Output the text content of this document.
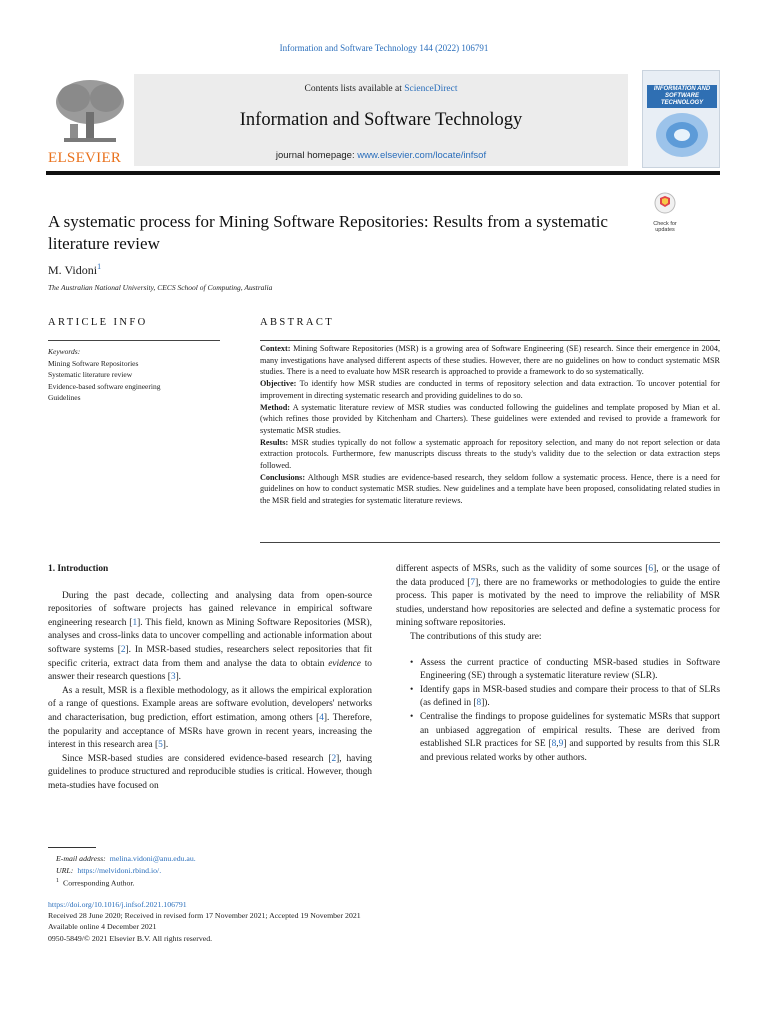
Information and Software Technology 144 (2022) 106791
ELSEVIER
Contents lists available at ScienceDirect
Information and Software Technology
journal homepage: www.elsevier.com/locate/infsof
INFORMATION AND SOFTWARE TECHNOLOGY
Check for updates
A systematic process for Mining Software Repositories: Results from a systematic literature review
M. Vidoni$^1$
The Australian National University, CECS School of Computing, Australia
ARTICLE INFO	ABSTRACT
Keywords:
Mining Software Repositories
Systematic literature review
Evidence-based software engineering
Guidelines

Context: Mining Software Repositories (MSR) is a growing area of Software Engineering (SE) research. Since their emergence in 2004, many investigations have analysed different aspects of these studies. However, there are no guidelines on how to conduct systematic MSR studies. There is a need to evaluate how MSR research is approached to provide a framework to do so systematically.

Objective: To identify how MSR studies are conducted in terms of repository selection and data extraction. To uncover potential for improvement in directing systematic research and providing guidelines to do so.

Method: A systematic literature review of MSR studies was conducted following the guidelines and template proposed by Mian et al. (which refines those provided by Kitchenham and Charters). These guidelines were extended and revised to provide a framework for systematic MSR studies.

Results: MSR studies typically do not follow a systematic approach for repository selection, and many do not report selection or data extraction protocols. Furthermore, few manuscripts discuss threats to the study's validity due to the selection or data extraction steps followed.

Conclusions: Although MSR studies are evidence-based research, they seldom follow a systematic process. Hence, there is a need for guidelines on how to conduct systematic MSR studies. New guidelines and a template have been proposed, consolidating related studies in the MSR field and strategies for systematic literature reviews.

1. Introduction

During the past decade, collecting and analysing data from open-source repositories of software projects has gained relevance in empirical software engineering research [1]. This field, known as Mining Software Repositories (MSR), analyses and cross-links data to uncover compelling and actionable information about software systems [2]. In MSR-based studies, researchers select repositories that fit specific criteria, extract data from them and analyse the data to obtain evidence to answer their research questions [3].

As a result, MSR is a flexible methodology, as it allows the empirical exploration of a range of questions. Example areas are software evolution, developers' networks and characterisation, bug prediction, effort estimation, among others [4]. Therefore, the popularity and acceptance of MSRs have grown in recent years, increasing the interest in this research area [5].

Since MSR-based studies are considered evidence-based research [2], having guidelines to produce structured and reproducible studies is critical. However, though meta-studies have focused on

different aspects of MSRs, such as the validity of some sources [6], or the usage of the data produced [7], there are no frameworks or methodologies to guide the entire process. This paper is motivated by the need to improve the reliability of MSR studies, understand how repositories are selected and define a systematic process for mining software repositories.

The contributions of this study are:

• Assess the current practice of conducting MSR-based studies in Software Engineering (SE) through a systematic literature review (SLR).
• Identify gaps in MSR-based studies and compare their process to that of SLRs (as defined in [8]).
• Centralise the findings to propose guidelines for systematic MSRs that support an unbiased aggregation of empirical results. These are derived from established SLR practices for SE [8,9] and supported by results from this SLR and previous related works by other authors.
E-mail address: melina.vidoni@anu.edu.au.
URL: https://melvidoni.rbind.io/.
$^1$ Corresponding Author.
https://doi.org/10.1016/j.infsof.2021.106791
Received 28 June 2020; Received in revised form 17 November 2021; Accepted 19 November 2021
Available online 4 December 2021
0950-5849/© 2021 Elsevier B.V. All rights reserved.
